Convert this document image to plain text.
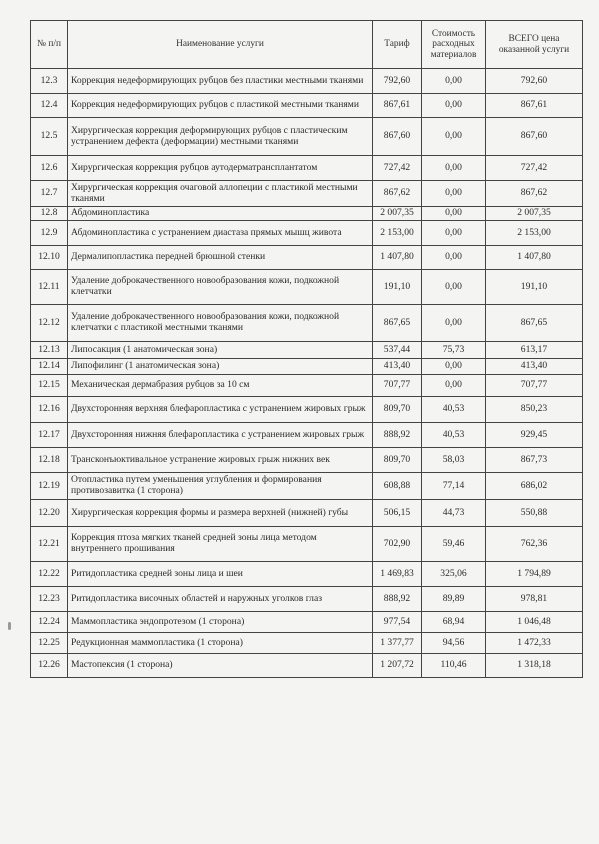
№ п/п	Наименование услуги	Тариф	Стоимость расходных материалов	ВСЕГО цена оказанной услуги
12.3	Коррекция недеформирующих рубцов без пластики местными тканями	792,60	0,00	792,60
12.4	Коррекция недеформирующих рубцов с пластикой местными тканями	867,61	0,00	867,61
12.5	Хирургическая коррекция деформирующих рубцов с пластическим устранением дефекта (деформации) местными тканями	867,60	0,00	867,60
12.6	Хирургическая коррекция рубцов аутодерматрансплантатом	727,42	0,00	727,42
12.7	Хирургическая коррекция очаговой аллопеции с пластикой местными тканями	867,62	0,00	867,62
12.8	Абдоминопластика	2 007,35	0,00	2 007,35
12.9	Абдоминопластика с устранением диастаза прямых мышц живота	2 153,00	0,00	2 153,00
12.10	Дермалипопластика передней брюшной стенки	1 407,80	0,00	1 407,80
12.11	Удаление доброкачественного новообразования кожи, подкожной клетчатки	191,10	0,00	191,10
12.12	Удаление доброкачественного новообразования кожи, подкожной клетчатки с пластикой местными тканями	867,65	0,00	867,65
12.13	Липосакция (1 анатомическая зона)	537,44	75,73	613,17
12.14	Липофилинг (1 анатомическая зона)	413,40	0,00	413,40
12.15	Механическая дермабразия рубцов за 10 см	707,77	0,00	707,77
12.16	Двухсторонняя верхняя блефаропластика с устранением жировых грыж	809,70	40,53	850,23
12.17	Двухсторонняя нижняя блефаропластика с устранением жировых грыж	888,92	40,53	929,45
12.18	Трансконъюктивальное устранение жировых грыж нижних век	809,70	58,03	867,73
12.19	Отопластика путем уменьшения углубления и формирования противозавитка (1 сторона)	608,88	77,14	686,02
12.20	Хирургическая коррекция формы и размера верхней (нижней) губы	506,15	44,73	550,88
12.21	Коррекция птоза мягких тканей средней зоны лица методом внутреннего прошивания	702,90	59,46	762,36
12.22	Ритидопластика средней зоны лица и шеи	1 469,83	325,06	1 794,89
12.23	Ритидопластика височных областей и наружных уголков глаз	888,92	89,89	978,81
12.24	Маммопластика эндопротезом (1 сторона)	977,54	68,94	1 046,48
12.25	Редукционная маммопластика (1 сторона)	1 377,77	94,56	1 472,33
12.26	Мастопексия (1 сторона)	1 207,72	110,46	1 318,18
